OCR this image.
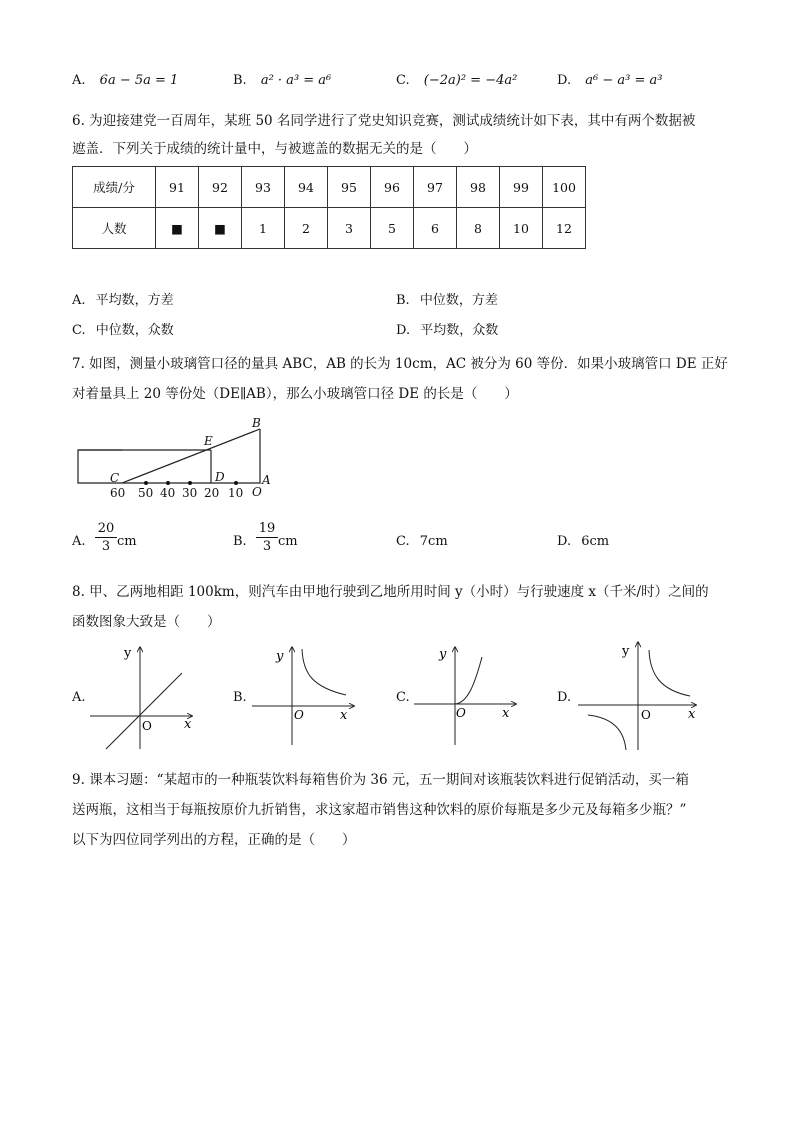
A. 6a − 5a = 1	B. a² · a³ = a⁶	C. (−2a)² = −4a²	D. a⁶ − a³ = a³
6. 为迎接建党一百周年，某班 50 名同学进行了党史知识竞赛，测试成绩统计如下表，其中有两个数据被
遮盖．下列关于成绩的统计量中，与被遮盖的数据无关的是（　　）
成绩/分	91	92	93	94	95	96	97	98	99	100
人数	■	■	1	2	3	5	6	8	10	12
A. 平均数，方差	B. 中位数，方差
C. 中位数，众数	D. 平均数，众数
7. 如图，测量小玻璃管口径的量具 ABC，AB 的长为 10cm，AC 被分为 60 等份．如果小玻璃管口 DE 正好
对着量具上 20 等份处（DE∥AB），那么小玻璃管口径 DE 的长是（　　）
B
E
C	D	A
O
60 50 40 30 20 10
A.
20
3 cm	B.
19
3 cm	C. 7cm	D. 6cm
8. 甲、乙两地相距 100km，则汽车由甲地行驶到乙地所用时间 y（小时）与行驶速度 x（千米/时）之间的
函数图象大致是（　　）
A.
y
x
O
B.
y
x
O
C.
y
x
O
D.
y
x
O
9. 课本习题：“某超市的一种瓶装饮料每箱售价为 36 元，五一期间对该瓶装饮料进行促销活动，买一箱
送两瓶，这相当于每瓶按原价九折销售，求这家超市销售这种饮料的原价每瓶是多少元及每箱多少瓶？”
以下为四位同学列出的方程，正确的是（　　）
